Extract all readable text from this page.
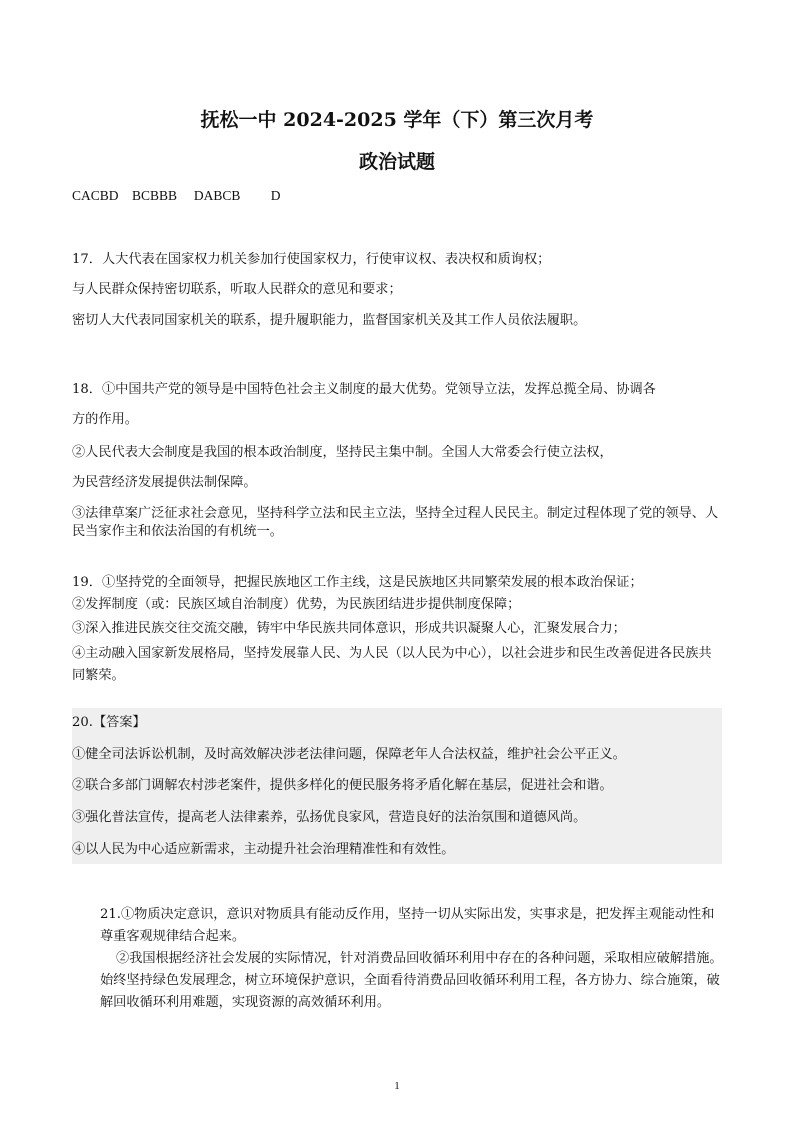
抚松一中 2024-2025 学年（下）第三次月考
政治试题
CACBD    BCBBB     DABCB         D
17．人大代表在国家权力机关参加行使国家权力，行使审议权、表决权和质询权；
与人民群众保持密切联系，听取人民群众的意见和要求；
密切人大代表同国家机关的联系，提升履职能力，监督国家机关及其工作人员依法履职。
18．①中国共产党的领导是中国特色社会主义制度的最大优势。党领导立法，发挥总揽全局、协调各
方的作用。
②人民代表大会制度是我国的根本政治制度，坚持民主集中制。全国人大常委会行使立法权，
为民营经济发展提供法制保障。
③法律草案广泛征求社会意见，坚持科学立法和民主立法，坚持全过程人民民主。制定过程体现了党的领导、人民当家作主和依法治国的有机统一。
19．①坚持党的全面领导，把握民族地区工作主线，这是民族地区共同繁荣发展的根本政治保证；
②发挥制度（或：民族区域自治制度）优势，为民族团结进步提供制度保障；
③深入推进民族交往交流交融，铸牢中华民族共同体意识，形成共识凝聚人心，汇聚发展合力；
④主动融入国家新发展格局，坚持发展靠人民、为人民（以人民为中心），以社会进步和民生改善促进各民族共同繁荣。
20.【答案】
①健全司法诉讼机制，及时高效解决涉老法律问题，保障老年人合法权益，维护社会公平正义。
②联合多部门调解农村涉老案件，提供多样化的便民服务将矛盾化解在基层，促进社会和谐。
③强化普法宣传，提高老人法律素养，弘扬优良家风，营造良好的法治氛围和道德风尚。
④以人民为中心适应新需求，主动提升社会治理精准性和有效性。
21.①物质决定意识，意识对物质具有能动反作用，坚持一切从实际出发，实事求是，把发挥主观能动性和尊重客观规律结合起来。
②我国根据经济社会发展的实际情况，针对消费品回收循环利用中存在的各种问题，采取相应破解措施。始终坚持绿色发展理念，树立环境保护意识，全面看待消费品回收循环利用工程，各方协力、综合施策，破解回收循环利用难题，实现资源的高效循环利用。
1
